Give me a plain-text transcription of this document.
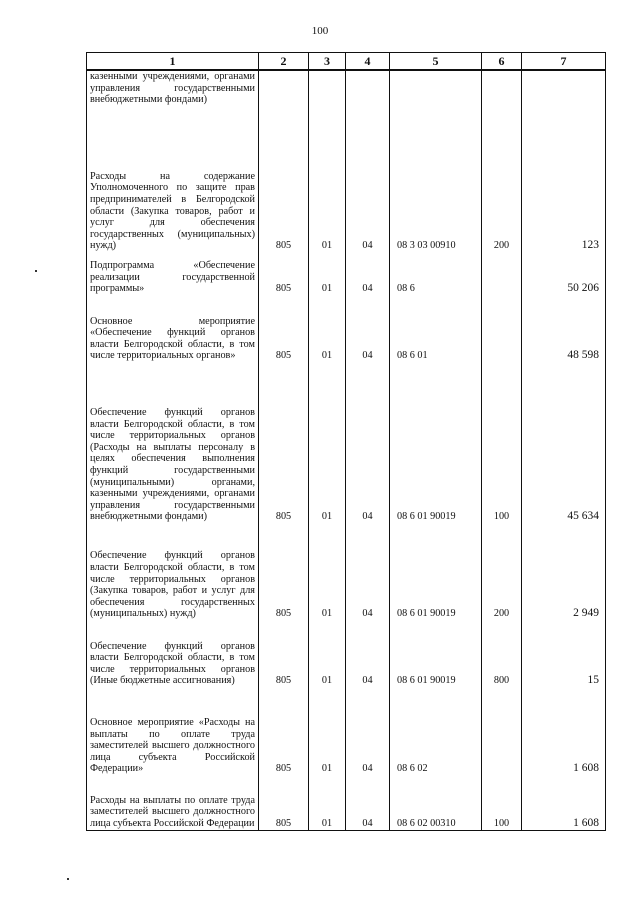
100
1	2	3	4	5	6	7
казенными учреждениями, органами управления государственными внебюджетными фондами)						
Расходы на содержание Уполномоченного по защите прав предпринимателей в Белгородской области (Закупка товаров, работ и услуг для обеспечения государственных (муниципальных) нужд)	805	01	04	08 3 03 00910	200	123
Подпрограмма «Обеспечение реализации государственной программы»	805	01	04	08 6		50 206
Основное мероприятие «Обеспечение функций органов власти Белгородской области, в том числе территориальных органов»	805	01	04	08 6 01		48 598
Обеспечение функций органов власти Белгородской области, в том числе территориальных органов (Расходы на выплаты персоналу в целях обеспечения выполнения функций государственными (муниципальными) органами, казенными учреждениями, органами управления государственными внебюджетными фондами)	805	01	04	08 6 01 90019	100	45 634
Обеспечение функций органов власти Белгородской области, в том числе территориальных органов (Закупка товаров, работ и услуг для обеспечения государственных (муниципальных) нужд)	805	01	04	08 6 01 90019	200	2 949
Обеспечение функций органов власти Белгородской области, в том числе территориальных органов (Иные бюджетные ассигнования)	805	01	04	08 6 01 90019	800	15
Основное мероприятие «Расходы на выплаты по оплате труда заместителей высшего должностного лица субъекта Российской Федерации»	805	01	04	08 6 02		1 608
Расходы на выплаты по оплате труда заместителей высшего должностного лица субъекта Российской Федерации	805	01	04	08 6 02 00310	100	1 608
